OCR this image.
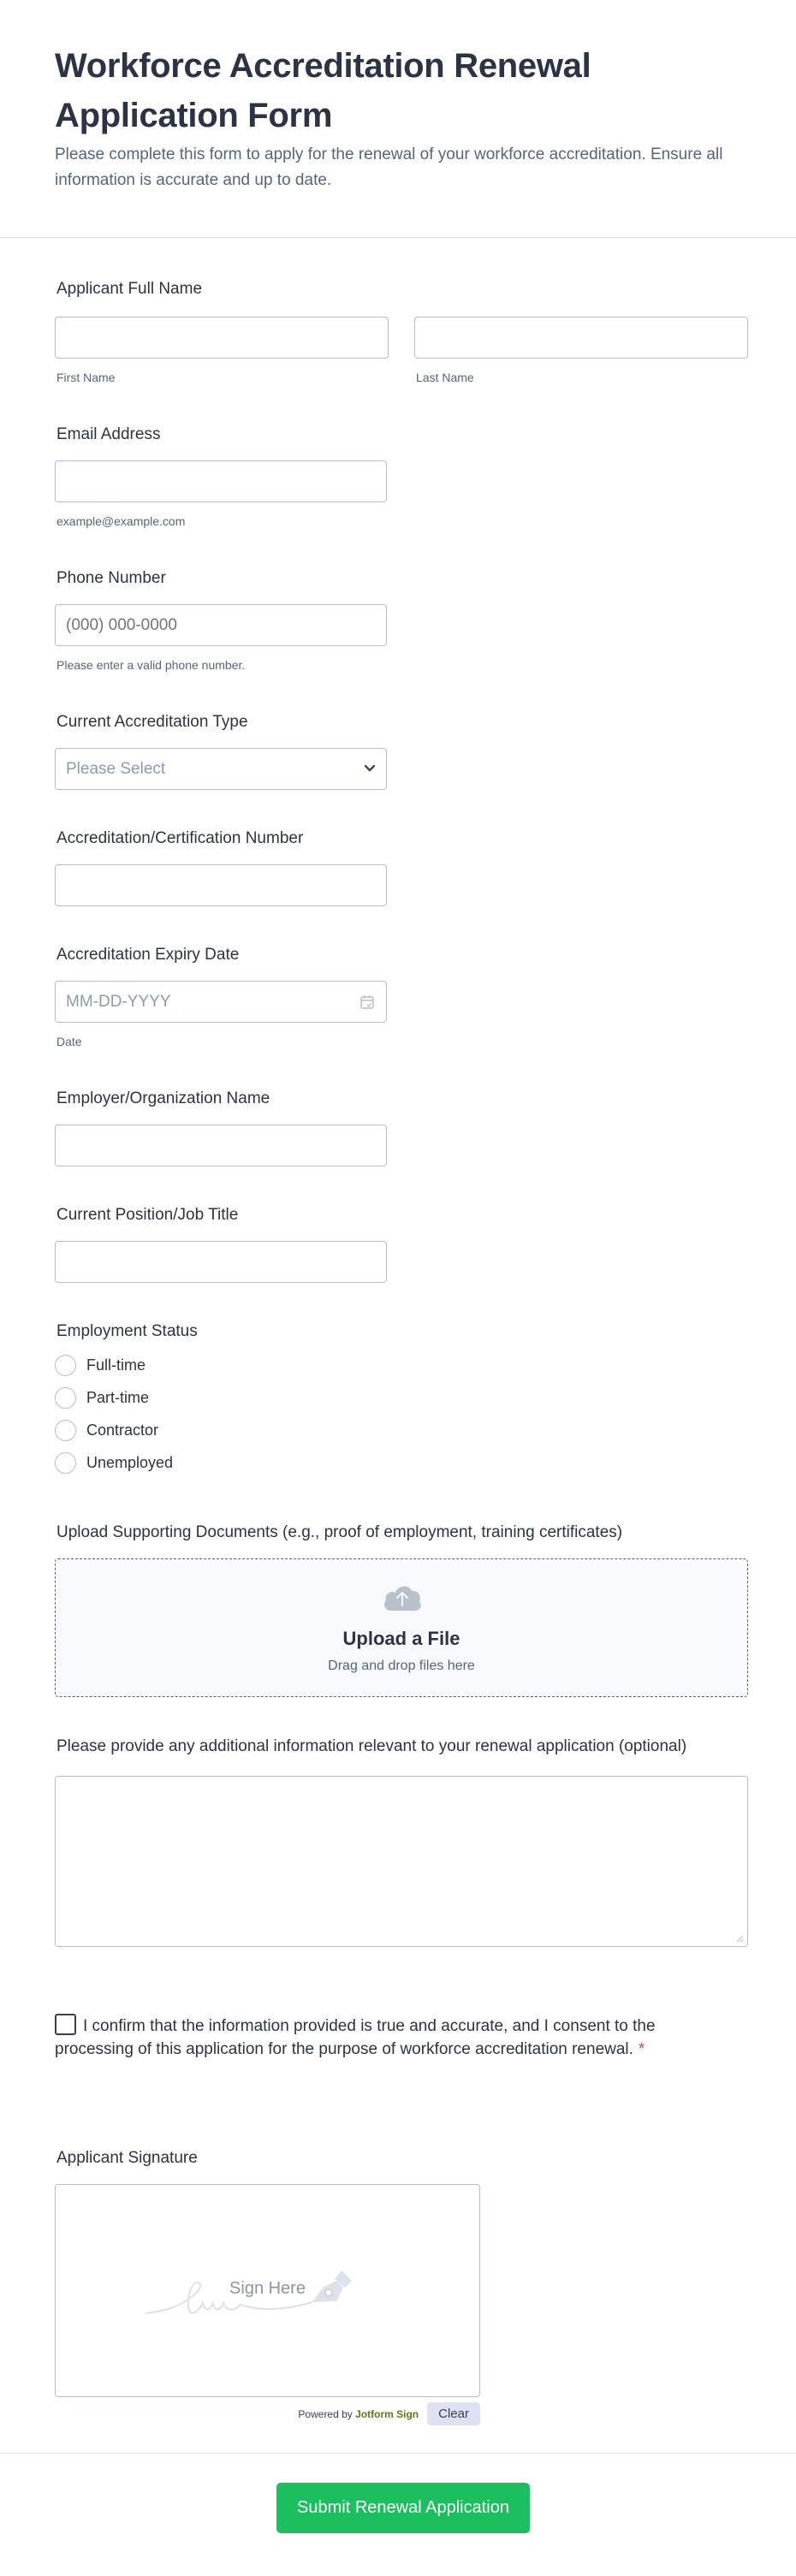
Workforce Accreditation Renewal Application Form

Please complete this form to apply for the renewal of your workforce accreditation. Ensure all information is accurate and up to date.

Applicant Full Name
First Name	Last Name
Email Address
example@example.com
Phone Number
(000) 000-0000
Please enter a valid phone number.
Current Accreditation Type
Please Select
Accreditation/Certification Number
Accreditation Expiry Date
MM-DD-YYYY
Date
Employer/Organization Name
Current Position/Job Title
Employment Status
Full-time
Part-time
Contractor
Unemployed
Upload Supporting Documents (e.g., proof of employment, training certificates)
Upload a File
Drag and drop files here
Please provide any additional information relevant to your renewal application (optional)
I confirm that the information provided is true and accurate, and I consent to the processing of this application for the purpose of workforce accreditation renewal. *
Applicant Signature
Sign Here
Powered by Jotform Sign	Clear
Submit Renewal Application
